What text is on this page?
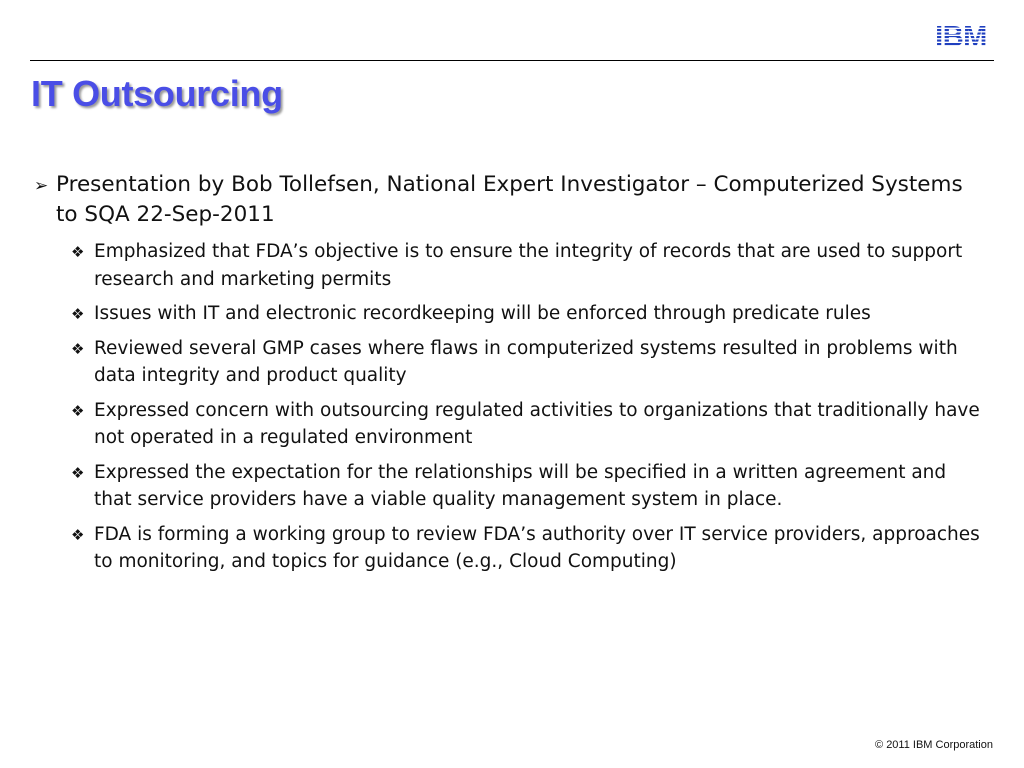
IBM
IT Outsourcing
➢ Presentation by Bob Tollefsen, National Expert Investigator – Computerized Systems to SQA 22-Sep-2011
❖ Emphasized that FDA’s objective is to ensure the integrity of records that are used to support research and marketing permits
❖ Issues with IT and electronic recordkeeping will be enforced through predicate rules
❖ Reviewed several GMP cases where flaws in computerized systems resulted in problems with data integrity and product quality
❖ Expressed concern with outsourcing regulated activities to organizations that traditionally have not operated in a regulated environment
❖ Expressed the expectation for the relationships will be specified in a written agreement and that service providers have a viable quality management system in place.
❖ FDA is forming a working group to review FDA’s authority over IT service providers, approaches to monitoring, and topics for guidance (e.g., Cloud Computing)
© 2011 IBM Corporation
